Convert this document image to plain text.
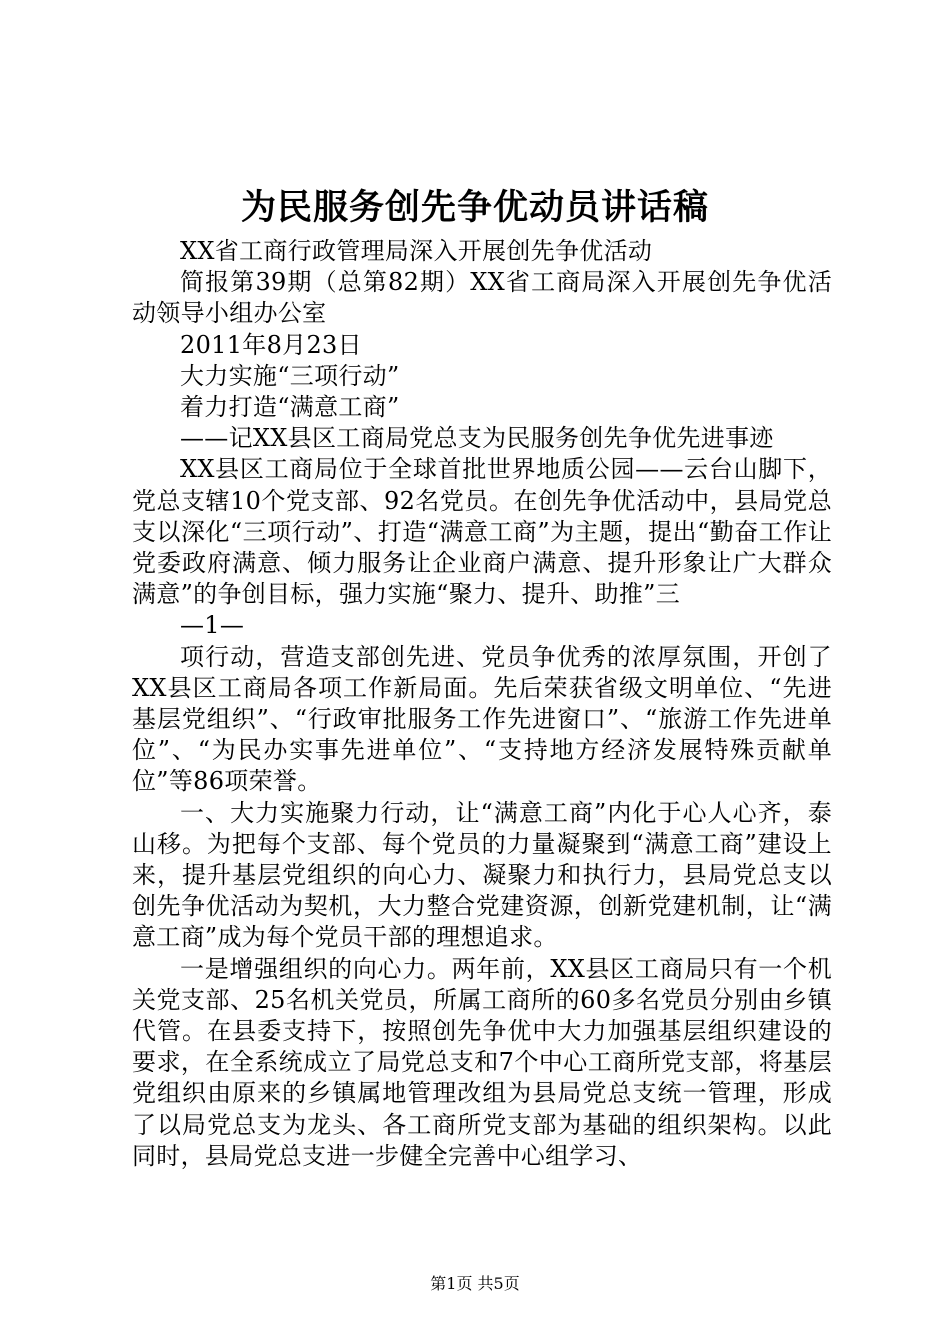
为民服务创先争优动员讲话稿

XX省工商行政管理局深入开展创先争优活动

简报第39期（总第82期）XX省工商局深入开展创先争优活动领导小组办公室

2011年8月23日

大力实施“三项行动”

着力打造“满意工商”

——记XX县区工商局党总支为民服务创先争优先进事迹

XX县区工商局位于全球首批世界地质公园——云台山脚下，党总支辖10个党支部、92名党员。在创先争优活动中，县局党总支以深化“三项行动”、打造“满意工商”为主题，提出“勤奋工作让党委政府满意、倾力服务让企业商户满意、提升形象让广大群众满意”的争创目标，强力实施“聚力、提升、助推”三

—1—

项行动，营造支部创先进、党员争优秀的浓厚氛围，开创了XX县区工商局各项工作新局面。先后荣获省级文明单位、“先进基层党组织”、“行政审批服务工作先进窗口”、“旅游工作先进单位”、“为民办实事先进单位”、“支持地方经济发展特殊贡献单位”等86项荣誉。

一、大力实施聚力行动，让“满意工商”内化于心人心齐，泰山移。为把每个支部、每个党员的力量凝聚到“满意工商”建设上来，提升基层党组织的向心力、凝聚力和执行力，县局党总支以创先争优活动为契机，大力整合党建资源，创新党建机制，让“满意工商”成为每个党员干部的理想追求。

一是增强组织的向心力。两年前，XX县区工商局只有一个机关党支部、25名机关党员，所属工商所的60多名党员分别由乡镇代管。在县委支持下，按照创先争优中大力加强基层组织建设的要求，在全系统成立了局党总支和7个中心工商所党支部，将基层党组织由原来的乡镇属地管理改组为县局党总支统一管理，形成了以局党总支为龙头、各工商所党支部为基础的组织架构。以此同时，县局党总支进一步健全完善中心组学习、

第1页 共5页
